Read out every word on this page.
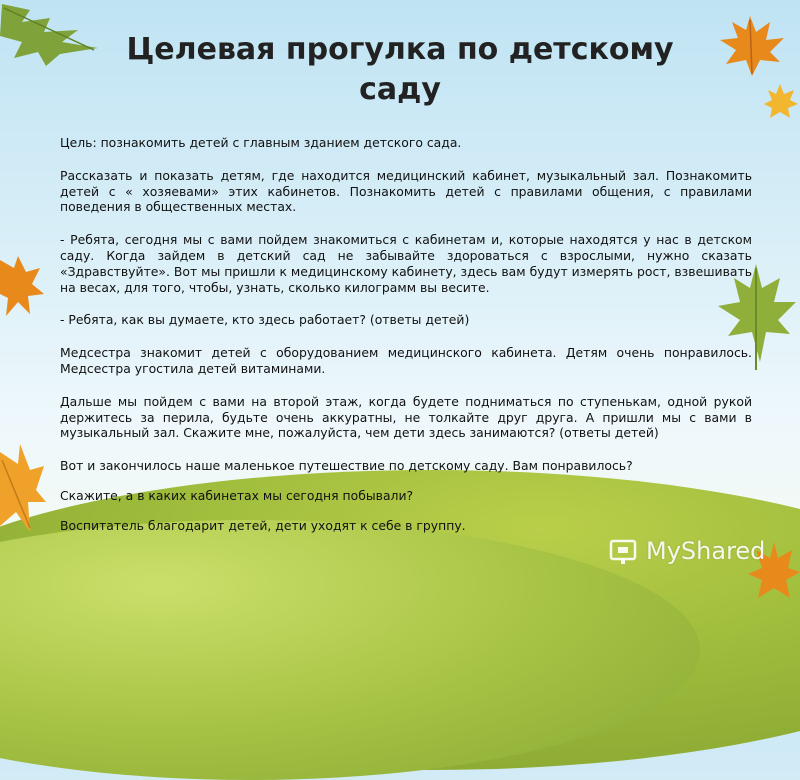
Целевая прогулка по детскому саду

Цель: познакомить детей с главным зданием детского сада.

Рассказать и показать детям, где находится медицинский кабинет, музыкальный зал. Познакомить детей с « хозяевами» этих кабинетов. Познакомить детей с правилами общения, с правилами поведения в общественных местах.

- Ребята, сегодня мы с вами пойдем знакомиться с кабинетам и, которые находятся у нас в детском саду. Когда зайдем в детский сад не забывайте здороваться с взрослыми, нужно сказать «Здравствуйте». Вот мы пришли к медицинскому кабинету, здесь вам будут измерять рост, взвешивать на весах, для того, чтобы, узнать, сколько килограмм вы весите.

- Ребята, как вы думаете, кто здесь работает? (ответы детей)

Медсестра знакомит детей с оборудованием медицинского кабинета. Детям очень понравилось. Медсестра угостила детей витаминами.

Дальше мы пойдем с вами на второй этаж, когда будете подниматься по ступенькам, одной рукой держитесь за перила, будьте очень аккуратны, не толкайте друг друга. А пришли мы с вами в музыкальный зал. Скажите мне, пожалуйста, чем дети здесь занимаются? (ответы детей)

Вот и закончилось наше маленькое путешествие по детскому саду. Вам понравилось?

Скажите, а в каких кабинетах мы сегодня побывали?

Воспитатель благодарит детей, дети уходят к себе в группу.

MyShared
